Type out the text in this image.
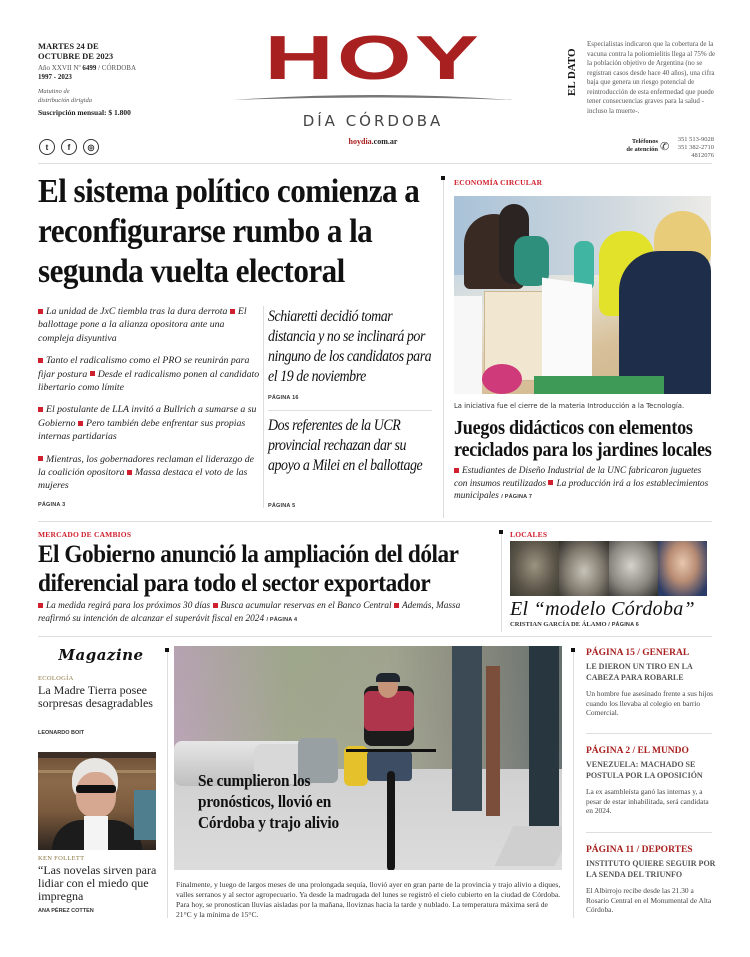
MARTES 24 DE
OCTUBRE DE 2023
Año XXVII Nº 6499 / CÓRDOBA
1997 - 2023
Matutino de
distribución dirigida
Suscripción mensual: $ 1.800
t	f	◎
HOY
DÍA CÓRDOBA
hoydia.com.ar
EL DATO
Especialistas indicaron que la cobertura de la vacuna contra la poliomielitis llega al 75% de la población objetivo de Argentina (no se registran casos desde hace 40 años), una cifra baja que genera un riesgo potencial de reintroducción de esta enfermedad que puede tener consecuencias graves para la salud -incluso la muerte-.
Teléfonos
de atención ✆
351 513-9028
351 382-2710
4812076
El sistema político comienza a reconfigurarse rumbo a la segunda vuelta electoral

La unidad de JxC tiembla tras la dura derrota El ballottage pone a la alianza opositora ante una compleja disyuntiva

Tanto el radicalismo como el PRO se reunirán para fijar postura Desde el radicalismo ponen al candidato libertario como límite

El postulante de LLA invitó a Bullrich a sumarse a su Gobierno Pero también debe enfrentar sus propias internas partidarias

Mientras, los gobernadores reclaman el liderazgo de la coalición opositora Massa destaca el voto de las mujeres

PÁGINA 3
Schiaretti decidió tomar distancia y no se inclinará por ninguno de los candidatos para el 19 de noviembre
PÁGINA 16
Dos referentes de la UCR provincial rechazan dar su apoyo a Milei en el ballottage
PÁGINA 5
ECONOMÍA CIRCULAR
La iniciativa fue el cierre de la materia Introducción a la Tecnología.
Juegos didácticos con elementos reciclados para los jardines locales
Estudiantes de Diseño Industrial de la UNC fabricaron juguetes con insumos reutilizados La producción irá a los establecimientos municipales / PÁGINA 7
MERCADO DE CAMBIOS
El Gobierno anunció la ampliación del dólar diferencial para todo el sector exportador
La medida regirá para los próximos 30 días Busca acumular reservas en el Banco Central Además, Massa reafirmó su intención de alcanzar el superávit fiscal en 2024 / PÁGINA 4
LOCALES
El “modelo Córdoba”
CRISTIAN GARCÍA DE ÁLAMO / PÁGINA 6
Magazine
ECOLOGÍA
La Madre Tierra posee sorpresas desagradables
LEONARDO BOIT
KEN FOLLETT
“Las novelas sirven para lidiar con el miedo que impregna
ANA PÉREZ COTTEN
Se cumplieron los pronósticos, llovió en Córdoba y trajo alivio
Finalmente, y luego de largos meses de una prolongada sequía, llovió ayer en gran parte de la provincia y trajo alivio a diques, valles serranos y al sector agropecuario. Ya desde la madrugada del lunes se registró el cielo cubierto en la ciudad de Córdoba. Para hoy, se pronostican lluvias aisladas por la mañana, lloviznas hacia la tarde y nublado. La temperatura máxima será de 21°C y la mínima de 15°C.
PÁGINA 15 / GENERAL
LE DIERON UN TIRO EN LA CABEZA PARA ROBARLE
Un hombre fue asesinado frente a sus hijos cuando los llevaba al colegio en barrio Comercial.
PÁGINA 2 / EL MUNDO
VENEZUELA: MACHADO SE POSTULA POR LA OPOSICIÓN
La ex asambleísta ganó las internas y, a pesar de estar inhabilitada, será candidata en 2024.
PÁGINA 11 / DEPORTES
INSTITUTO QUIERE SEGUIR POR LA SENDA DEL TRIUNFO
El Albirrojo recibe desde las 21.30 a Rosario Central en el Monumental de Alta Córdoba.
